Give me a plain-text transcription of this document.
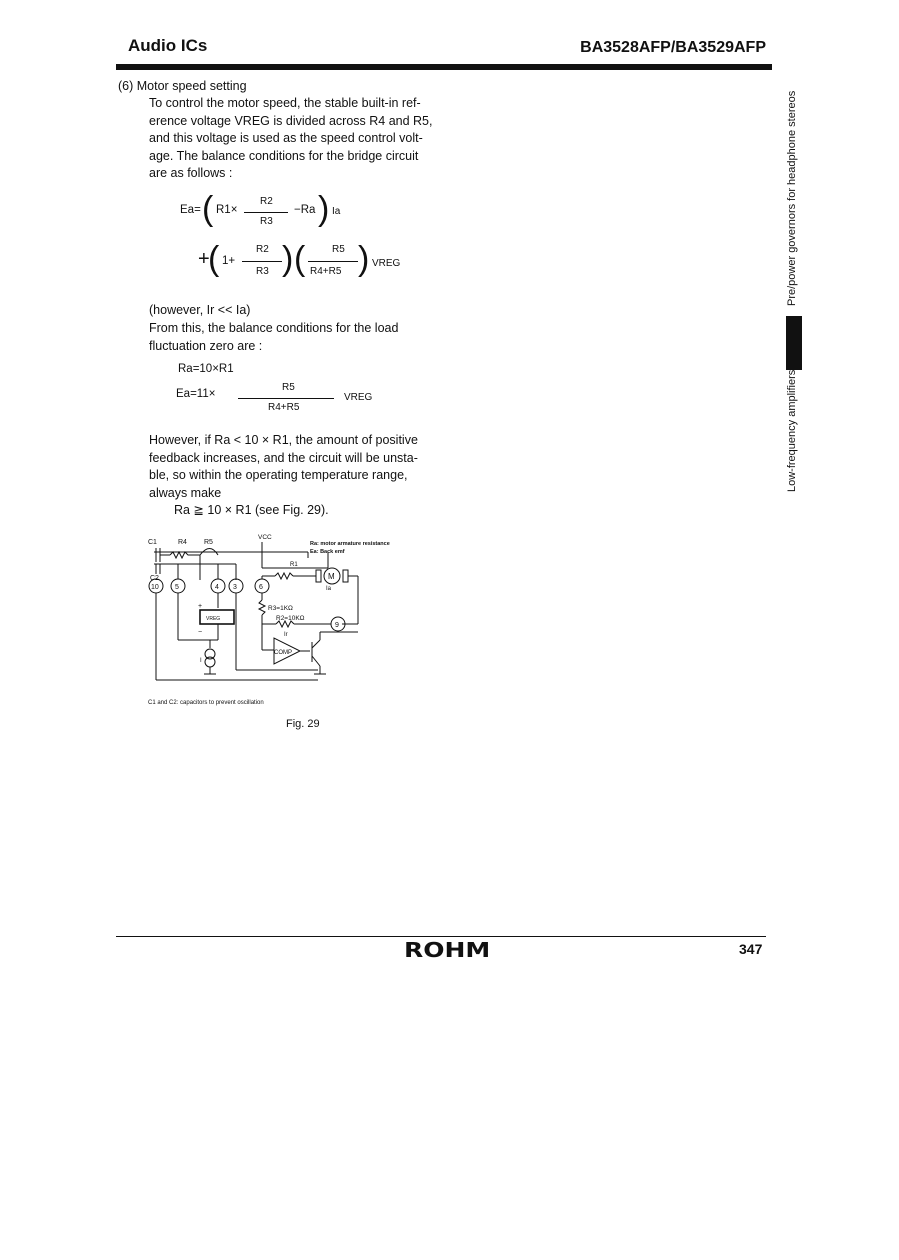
Audio ICs	BA3528AFP/BA3529AFP
(6) Motor speed setting
To control the motor speed, the stable built-in ref-
erence voltage VREG is divided across R4 and R5,
and this voltage is used as the speed control volt-
age. The balance conditions for the bridge circuit
are as follows :
Ea= ( R1×
R2
R3
−Ra ) Ia
+
( 1+
R2
R3 ) (	R5
R4+R5 ) VREG
(however, Ir << Ia)
From this, the balance conditions for the load
fluctuation zero are :
Ra=10×R1
Ea=11×
R5
R4+R5
VREG
However, if Ra < 10 × R1, the amount of positive
feedback increases, and the circuit will be unsta-
ble, so within the operating temperature range,
always make
Ra ≧ 10 × R1 (see Fig. 29).
C1	R4 R5
VCC
Ra: motor armature resistance
Ea: Back emf
C2
R1
M
10 5	4 3	6
9
Ia
R3=1KΩ
R2=10KΩ
VREG
Ir
I
COMP
+
−
C1 and C2: capacitors to prevent oscillation
Fig. 29
Pre/power governors for headphone stereos
Low-frequency amplifiers
ROHM	347
